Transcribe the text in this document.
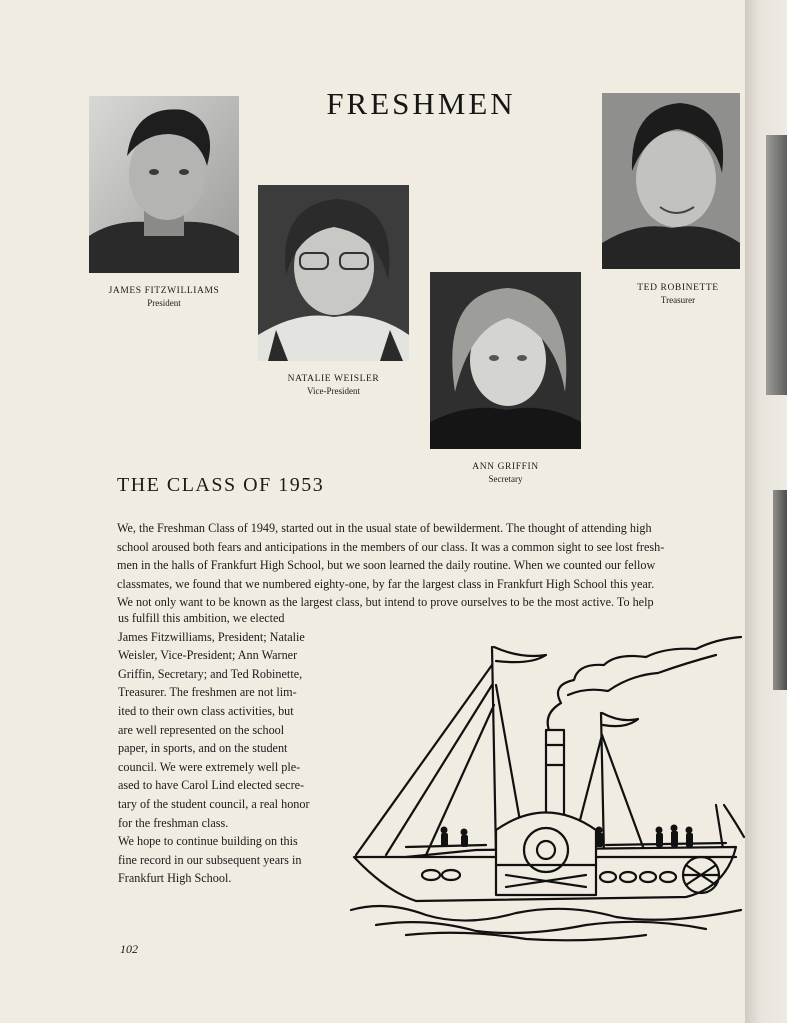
FRESHMEN
JAMES FITZWILLIAMS
President
NATALIE WEISLER
Vice-President
ANN GRIFFIN
Secretary
TED ROBINETTE
Treasurer
THE CLASS OF 1953
We, the Freshman Class of 1949, started out in the usual state of bewilderment. The thought of attending high
school aroused both fears and anticipations in the members of our class. It was a common sight to see lost fresh-
men in the halls of Frankfurt High School, but we soon learned the daily routine. When we counted our fellow
classmates, we found that we numbered eighty-one, by far the largest class in Frankfurt High School this year.
We not only want to be known as the largest class, but intend to prove ourselves to be the most active. To help
us fulfill this ambition, we elected
James Fitzwilliams, President; Natalie
Weisler, Vice-President; Ann Warner
Griffin, Secretary; and Ted Robinette,
Treasurer. The freshmen are not lim-
ited to their own class activities, but
are well represented on the school
paper, in sports, and on the student
council. We were extremely well ple-
ased to have Carol Lind elected secre-
tary of the student council, a real honor
for the freshman class.
We hope to continue building on this
fine record in our subsequent years in
Frankfurt High School.
102
